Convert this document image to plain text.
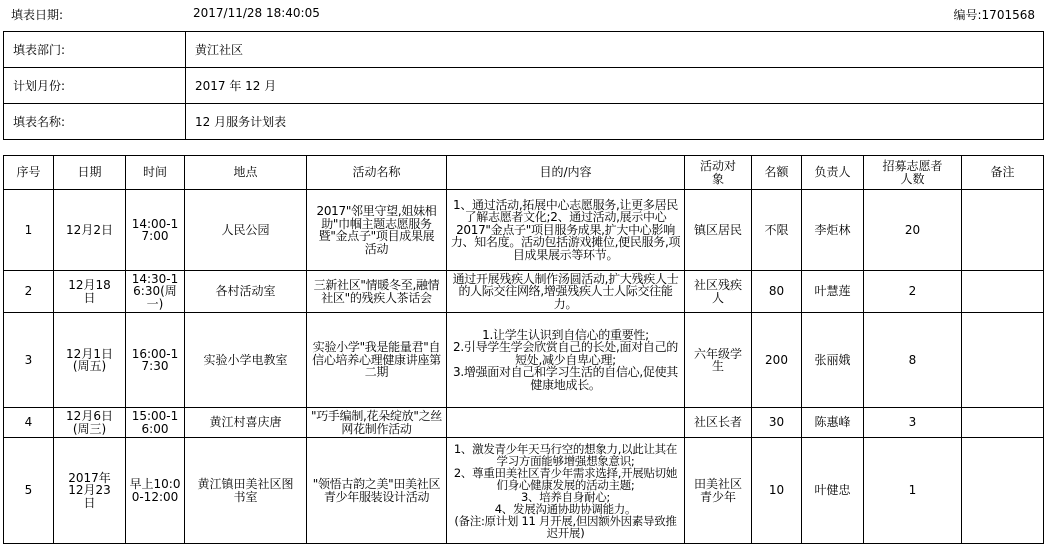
填表日期:	2017/11/28 18:40:05	编号:1701568
填表部门:	黄江社区
计划月份:	2017 年 12 月
填表名称:	12 月服务计划表
序号	日期	时间	地点	活动名称	目的/内容	活动对象	名额	负责人	招募志愿者人数	备注
1	12月2日	14:00-17:00	人民公园	2017"邻里守望,姐妹相助"巾帼主题志愿服务暨"金点子"项目成果展活动	1、通过活动,拓展中心志愿服务,让更多居民了解志愿者文化;2、通过活动,展示中心 2017"金点子"项目服务成果,扩大中心影响力、知名度。活动包括游戏摊位,便民服务,项目成果展示等环节。	镇区居民	不限	李炬林	20	
2	12月18日	14:30-16:30(周一)	各村活动室	三新社区"情暖冬至,融情社区"的残疾人茶话会	通过开展残疾人制作汤圆活动,扩大残疾人士的人际交往网络,增强残疾人士人际交往能力。	社区残疾人	80	叶慧莲	2	
3	12月1日(周五)	16:00-17:30	实验小学电教室	实验小学"我是能量君"自信心培养心理健康讲座第二期	1.让学生认识到自信心的重要性;
2.引导学生学会欣赏自己的长处,面对自己的短处,减少自卑心理;
3.增强面对自己和学习生活的自信心,促使其健康地成长。	六年级学生	200	张丽娥	8	
4	12月6日(周三)	15:00-16:00	黄江村喜庆唐	"巧手编制,花朵绽放"之丝网花制作活动		社区长者	30	陈惠峰	3	
5	2017年12月23日	早上10:00-12:00	黄江镇田美社区图书室	"领悟古韵之美"田美社区青少年服装设计活动	1、激发青少年天马行空的想象力,以此让其在学习方面能够增强想象意识;
2、尊重田美社区青少年需求选择,开展贴切她们身心健康发展的活动主题;
3、培养自身耐心;
4、发展沟通协助协调能力。
(备注:原计划 11 月开展,但因额外因素导致推迟开展)	田美社区青少年	10	叶健忠	1	
